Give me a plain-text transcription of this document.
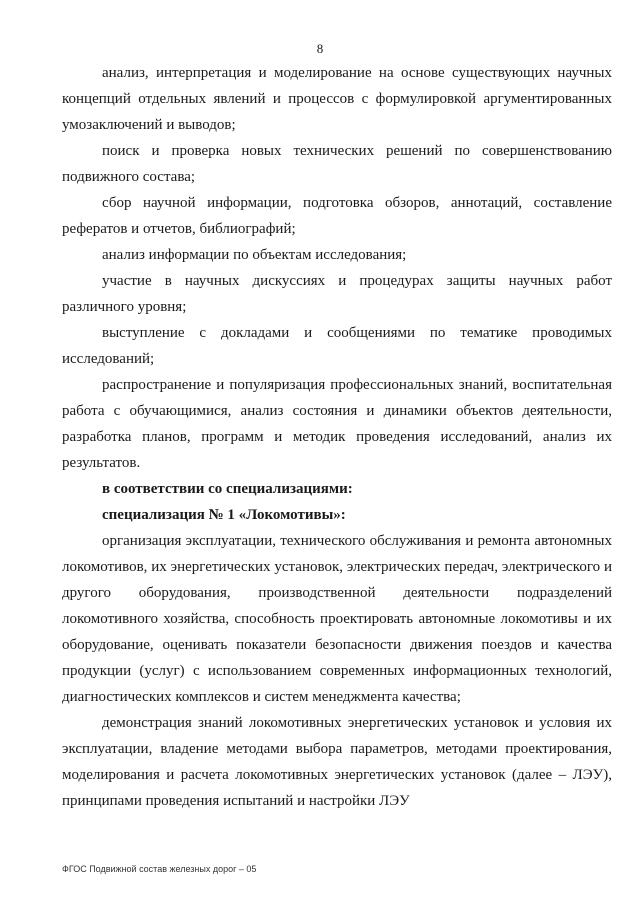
8

анализ, интерпретация и моделирование на основе существующих научных концепций отдельных явлений и процессов с формулировкой аргументированных умозаключений и выводов;

поиск и проверка новых технических решений по совершенствованию подвижного состава;

сбор научной информации, подготовка обзоров, аннотаций, составление рефератов и отчетов, библиографий;

анализ информации по объектам исследования;

участие в научных дискуссиях и процедурах защиты научных работ различного уровня;

выступление с докладами и сообщениями по тематике проводимых исследований;

распространение и популяризация профессиональных знаний, воспитательная работа с обучающимися, анализ состояния и динамики объектов деятельности, разработка планов, программ и методик проведения исследований, анализ их результатов.

в соответствии со специализациями:

специализация № 1 «Локомотивы»:

организация эксплуатации, технического обслуживания и ремонта автономных локомотивов, их энергетических установок, электрических передач, электрического и другого оборудования, производственной деятельности подразделений локомотивного хозяйства, способность проектировать автономные локомотивы и их оборудование, оценивать показатели безопасности движения поездов и качества продукции (услуг) с использованием современных информационных технологий, диагностических комплексов и систем менеджмента качества;

демонстрация знаний локомотивных энергетических установок и условия их эксплуатации, владение методами выбора параметров, методами проектирования, моделирования и расчета локомотивных энергетических установок (далее – ЛЭУ), принципами проведения испытаний и настройки ЛЭУ

ФГОС Подвижной состав железных дорог – 05
